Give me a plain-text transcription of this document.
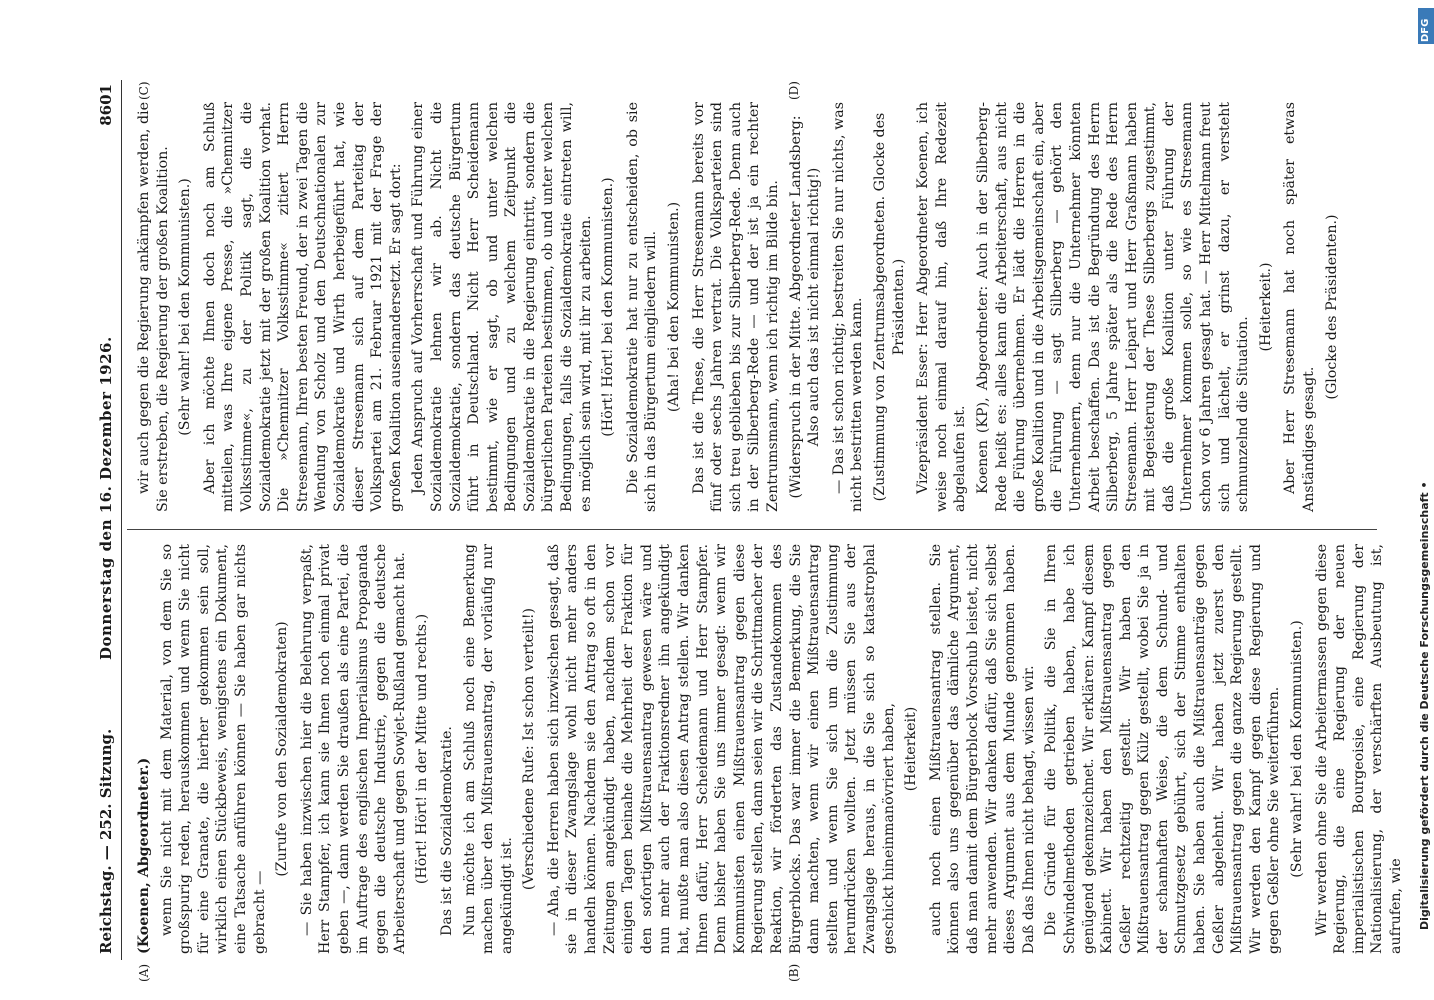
Reichstag. — 252. Sitzung.
Donnerstag den 16. Dezember 1926.
8601

(Koenen, Abgeordneter.) wenn Sie nicht mit dem Material, von dem Sie so großspurig reden, herauskommen und wenn Sie nicht für eine Granate, die hierher gekommen sein soll, wirklich einen Stückbeweis, wenigstens ein Dokument, eine Tatsache anführen können — Sie haben gar nichts gebracht —

(Zurufe von den Sozialdemokraten) — Sie haben inzwischen hier die Belehrung verpaßt, Herr Stampfer, ich kann sie Ihnen noch einmal privat geben —, dann werden Sie draußen als eine Partei, die im Auftrage des englischen Imperialismus Propaganda gegen die deutsche Industrie, gegen die deutsche Arbeiterschaft und gegen Sowjet-Rußland gemacht hat. (Hört! Hört! in der Mitte und rechts.) Das ist die Sozialdemokratie. Nun möchte ich am Schluß noch eine Bemerkung machen über den Mißtrauensantrag, der vorläufig nur angekündigt ist.

(Verschiedene Rufe: Ist schon verteilt!) — Aha, die Herren haben sich inzwischen gesagt, daß sie in dieser Zwangslage wohl nicht mehr anders handeln können. Nachdem sie den Antrag so oft in den Zeitungen angekündigt haben, nachdem schon vor einigen Tagen beinahe die Mehrheit der Fraktion für den sofortigen Mißtrauensantrag gewesen wäre und nun mehr auch der Fraktionsredner ihn angekündigt hat, mußte man also diesen Antrag stellen. Wir danken Ihnen dafür, Herr Scheidemann und Herr Stampfer. Denn bisher haben Sie uns immer gesagt: wenn wir Kommunisten einen Mißtrauensantrag gegen diese Regierung stellen, dann seien wir die Schrittmacher der Reaktion, wir förderten das Zustandekommen des Bürgerblocks. Das war immer die Bemerkung, die Sie dann machten, wenn wir einen Mißtrauensantrag stellten und wenn Sie sich um die Zustimmung herumdrücken wollten. Jetzt müssen Sie aus der Zwangslage heraus, in die Sie sich so katastrophal geschickt hineinmanövriert haben, (Heiterkeit) auch noch einen Mißtrauensantrag stellen. Sie können also uns gegenüber das dämliche Argument, daß man damit dem Bürgerblock Vorschub leistet, nicht mehr anwenden. Wir danken dafür, daß Sie sich selbst dieses Argument aus dem Munde genommen haben. Daß das Ihnen nicht behagt, wissen wir. Die Gründe für die Politik, die Sie in Ihren Schwindelmethoden getrieben haben, habe ich genügend gekennzeichnet. Wir erklären: Kampf diesem Kabinett. Wir haben den Mißtrauensantrag gegen Geßler rechtzeitig gestellt. Wir haben den Mißtrauensantrag gegen Külz gestellt, wobei Sie ja in der schamhaften Weise, die dem Schund- und Schmutzgesetz gebührt, sich der Stimme enthalten haben. Sie haben auch die Mißtrauensanträge gegen Geßler abgelehnt. Wir haben jetzt zuerst den Mißtrauensantrag gegen die ganze Regierung gestellt. Wir werden den Kampf gegen diese Regierung und gegen Geßler ohne Sie weiterführen. (Sehr wahr! bei den Kommunisten.) Wir werden ohne Sie die Arbeitermassen gegen diese Regierung, die eine Regierung der neuen imperialistischen Bourgeoisie, eine Regierung der Nationalisierung, der verschärften Ausbeutung ist, aufrufen, wie

wir auch gegen die Regierung ankämpfen werden, die Sie erstreben, die Regierung der großen Koalition. (Sehr wahr! bei den Kommunisten.) Aber ich möchte Ihnen doch noch am Schluß mitteilen, was Ihre eigene Presse, die »Chemnitzer Volksstimme«, zu der Politik sagt, die die Sozialdemokratie jetzt mit der großen Koalition vorhat. Die »Chemnitzer Volksstimme« zitiert Herrn Stresemann, Ihren besten Freund, der in zwei Tagen die Wendung von Scholz und den Deutschnationalen zur Sozialdemokratie und Wirth herbeigeführt hat, wie dieser Stresemann sich auf dem Parteitag der Volkspartei am 21. Februar 1921 mit der Frage der großen Koalition auseinandersetzt. Er sagt dort: Jeden Anspruch auf Vorherrschaft und Führung einer Sozialdemokratie lehnen wir ab. Nicht die Sozialdemokratie, sondern das deutsche Bürgertum führt in Deutschland. Nicht Herr Scheidemann bestimmt, wie er sagt, ob und unter welchen Bedingungen und zu welchem Zeitpunkt die Sozialdemokratie in die Regierung eintritt, sondern die bürgerlichen Parteien bestimmen, ob und unter welchen Bedingungen, falls die Sozialdemokratie eintreten will, es möglich sein wird, mit ihr zu arbeiten. (Hört! Hört! bei den Kommunisten.) Die Sozialdemokratie hat nur zu entscheiden, ob sie sich in das Bürgertum eingliedern will. (Aha! bei den Kommunisten.) Das ist die These, die Herr Stresemann bereits vor fünf oder sechs Jahren vertrat. Die Volksparteien sind sich treu geblieben bis zur Silberberg-Rede. Denn auch in der Silberberg-Rede — und der ist ja ein rechter Zentrumsmann, wenn ich richtig im Bilde bin. (Widerspruch in der Mitte. Abgeordneter Landsberg: Also auch das ist nicht einmal richtig!) — Das ist schon richtig; bestreiten Sie nur nichts, was nicht bestritten werden kann. (Zustimmung von Zentrumsabgeordneten. Glocke des Präsidenten.) Vizepräsident Esser: Herr Abgeordneter Koenen, ich weise noch einmal darauf hin, daß Ihre Redezeit abgelaufen ist. Koenen (KP), Abgeordneter: Auch in der Silberberg-Rede heißt es: alles kann die Arbeiterschaft, aus nicht die Führung übernehmen. Er lädt die Herren in die große Koalition und in die Arbeitsgemeinschaft ein, aber die Führung — sagt Silberberg — gehört den Unternehmern, denn nur die Unternehmer könnten Arbeit beschaffen. Das ist die Begründung des Herrn Silberberg, 5 Jahre später als die Rede des Herrn Stresemann. Herr Leipart und Herr Graßmann haben mit Begeisterung der These Silberbergs zugestimmt, daß die große Koalition unter Führung der Unternehmer kommen solle, so wie es Stresemann schon vor 6 Jahren gesagt hat. — Herr Mittelmann freut sich und lächelt, er grinst dazu, er versteht schmunzelnd die Situation.

(Heiterkeit.) Aber Herr Stresemann hat noch später etwas Anständiges gesagt.

(Glocke des Präsidenten.)

(A)	(B)
(C)	(D)
Digitalisierung gefördert durch die Deutsche Forschungsgemeinschaft •
DFG
